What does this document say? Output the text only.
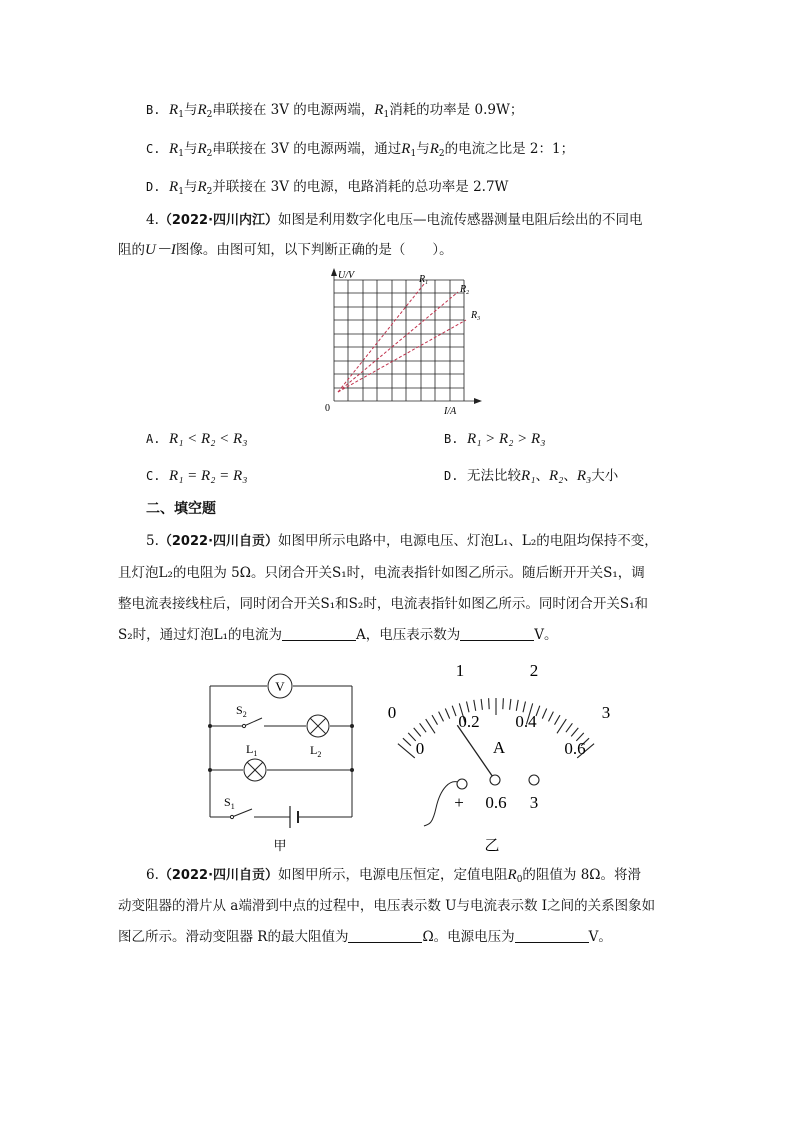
B. $R_1$与$R_2$串联接在 3V 的电源两端，$R_1$消耗的功率是 0.9W；
C. $R_1$与$R_2$串联接在 3V 的电源两端，通过$R_1$与$R_2$的电流之比是 2：1；
D. $R_1$与$R_2$并联接在 3V 的电源，电路消耗的总功率是 2.7W
4.（2022·四川内江）如图是利用数字化电压—电流传感器测量电阻后绘出的不同电
阻的U－I图像。由图可知，以下判断正确的是（　　）。
U/V
I/A
0
$R_1$
$R_2$
$R_3$
A. R₁ < R₂ < R₃	B. R₁ > R₂ > R₃
C. R₁ = R₂ = R₃	D. 无法比较R₁、R₂、R₃大小
二、填空题
5.（2022·四川自贡）如图甲所示电路中，电源电压、灯泡L₁、L₂的电阻均保持不变，
且灯泡L₂的电阻为 5Ω。只闭合开关S₁时，电流表指针如图乙所示。随后断开开关S₁，调
整电流表接线柱后，同时闭合开关S₁和S₂时，电流表指针如图乙所示。同时闭合开关S₁和
S₂时，通过灯泡L₁的电流为	A，电压表示数为	V。
V
$S_2$
$L_1$	$L_2$
$S_1$
甲
0
1	2
3
0
0.2 0.4
0.6
A
+ 0.6 3
乙
6.（2022·四川自贡）如图甲所示，电源电压恒定，定值电阻$R_0$的阻值为 8Ω。将滑
动变阻器的滑片从 a端滑到中点的过程中，电压表示数 U与电流表示数 I之间的关系图象如
图乙所示。滑动变阻器 R的最大阻值为	Ω。电源电压为	V。
